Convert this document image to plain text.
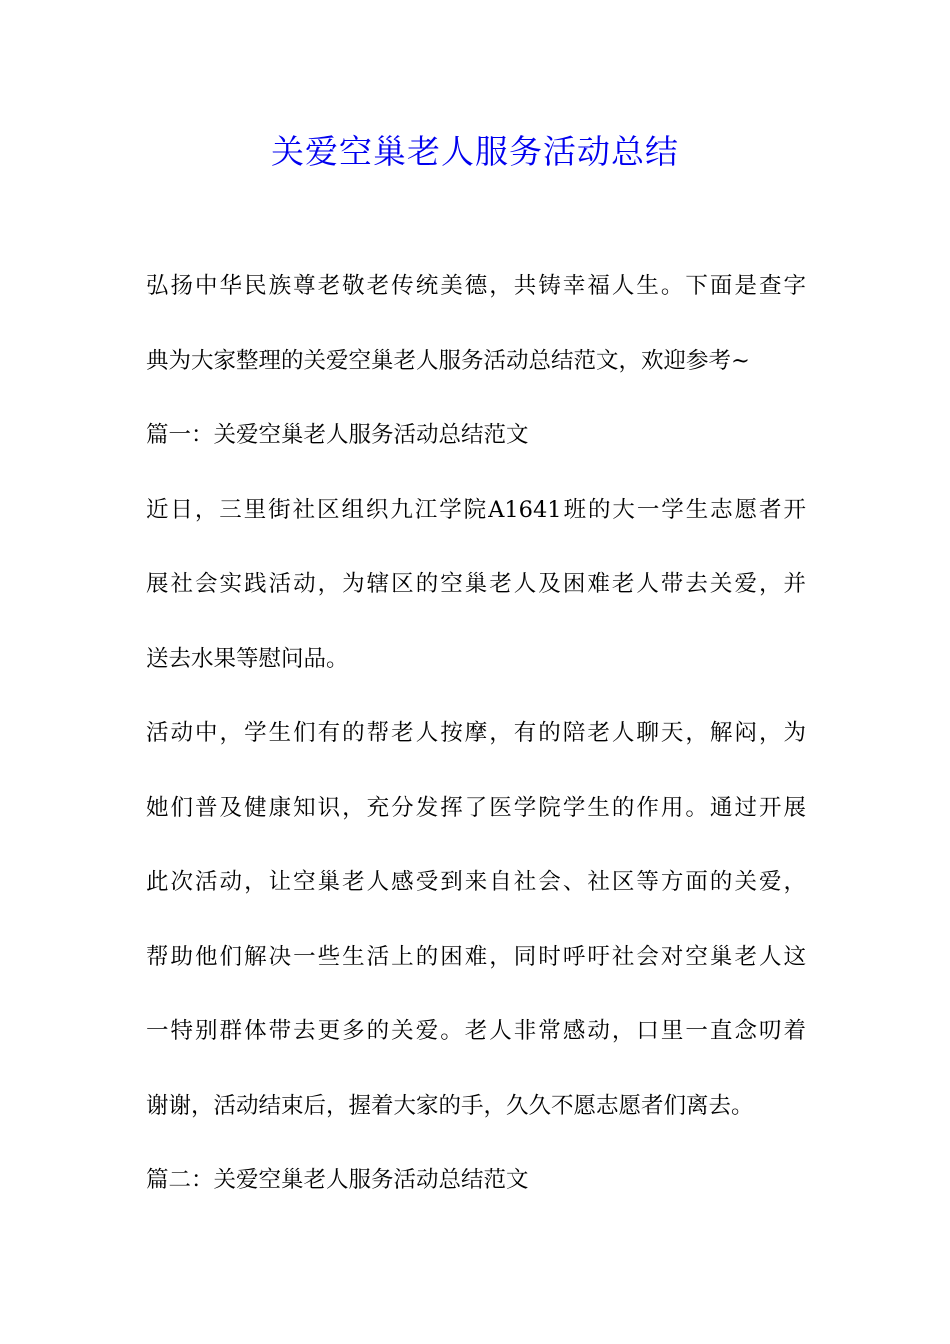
关爱空巢老人服务活动总结
弘扬中华民族尊老敬老传统美德，共铸幸福人生。下面是查字
典为大家整理的关爱空巢老人服务活动总结范文，欢迎参考~
篇一：关爱空巢老人服务活动总结范文
近日，三里街社区组织九江学院A1641班的大一学生志愿者开
展社会实践活动，为辖区的空巢老人及困难老人带去关爱，并
送去水果等慰问品。
活动中，学生们有的帮老人按摩，有的陪老人聊天，解闷，为
她们普及健康知识，充分发挥了医学院学生的作用。通过开展
此次活动，让空巢老人感受到来自社会、社区等方面的关爱，
帮助他们解决一些生活上的困难，同时呼吁社会对空巢老人这
一特别群体带去更多的关爱。老人非常感动，口里一直念叨着
谢谢，活动结束后，握着大家的手，久久不愿志愿者们离去。
篇二：关爱空巢老人服务活动总结范文
